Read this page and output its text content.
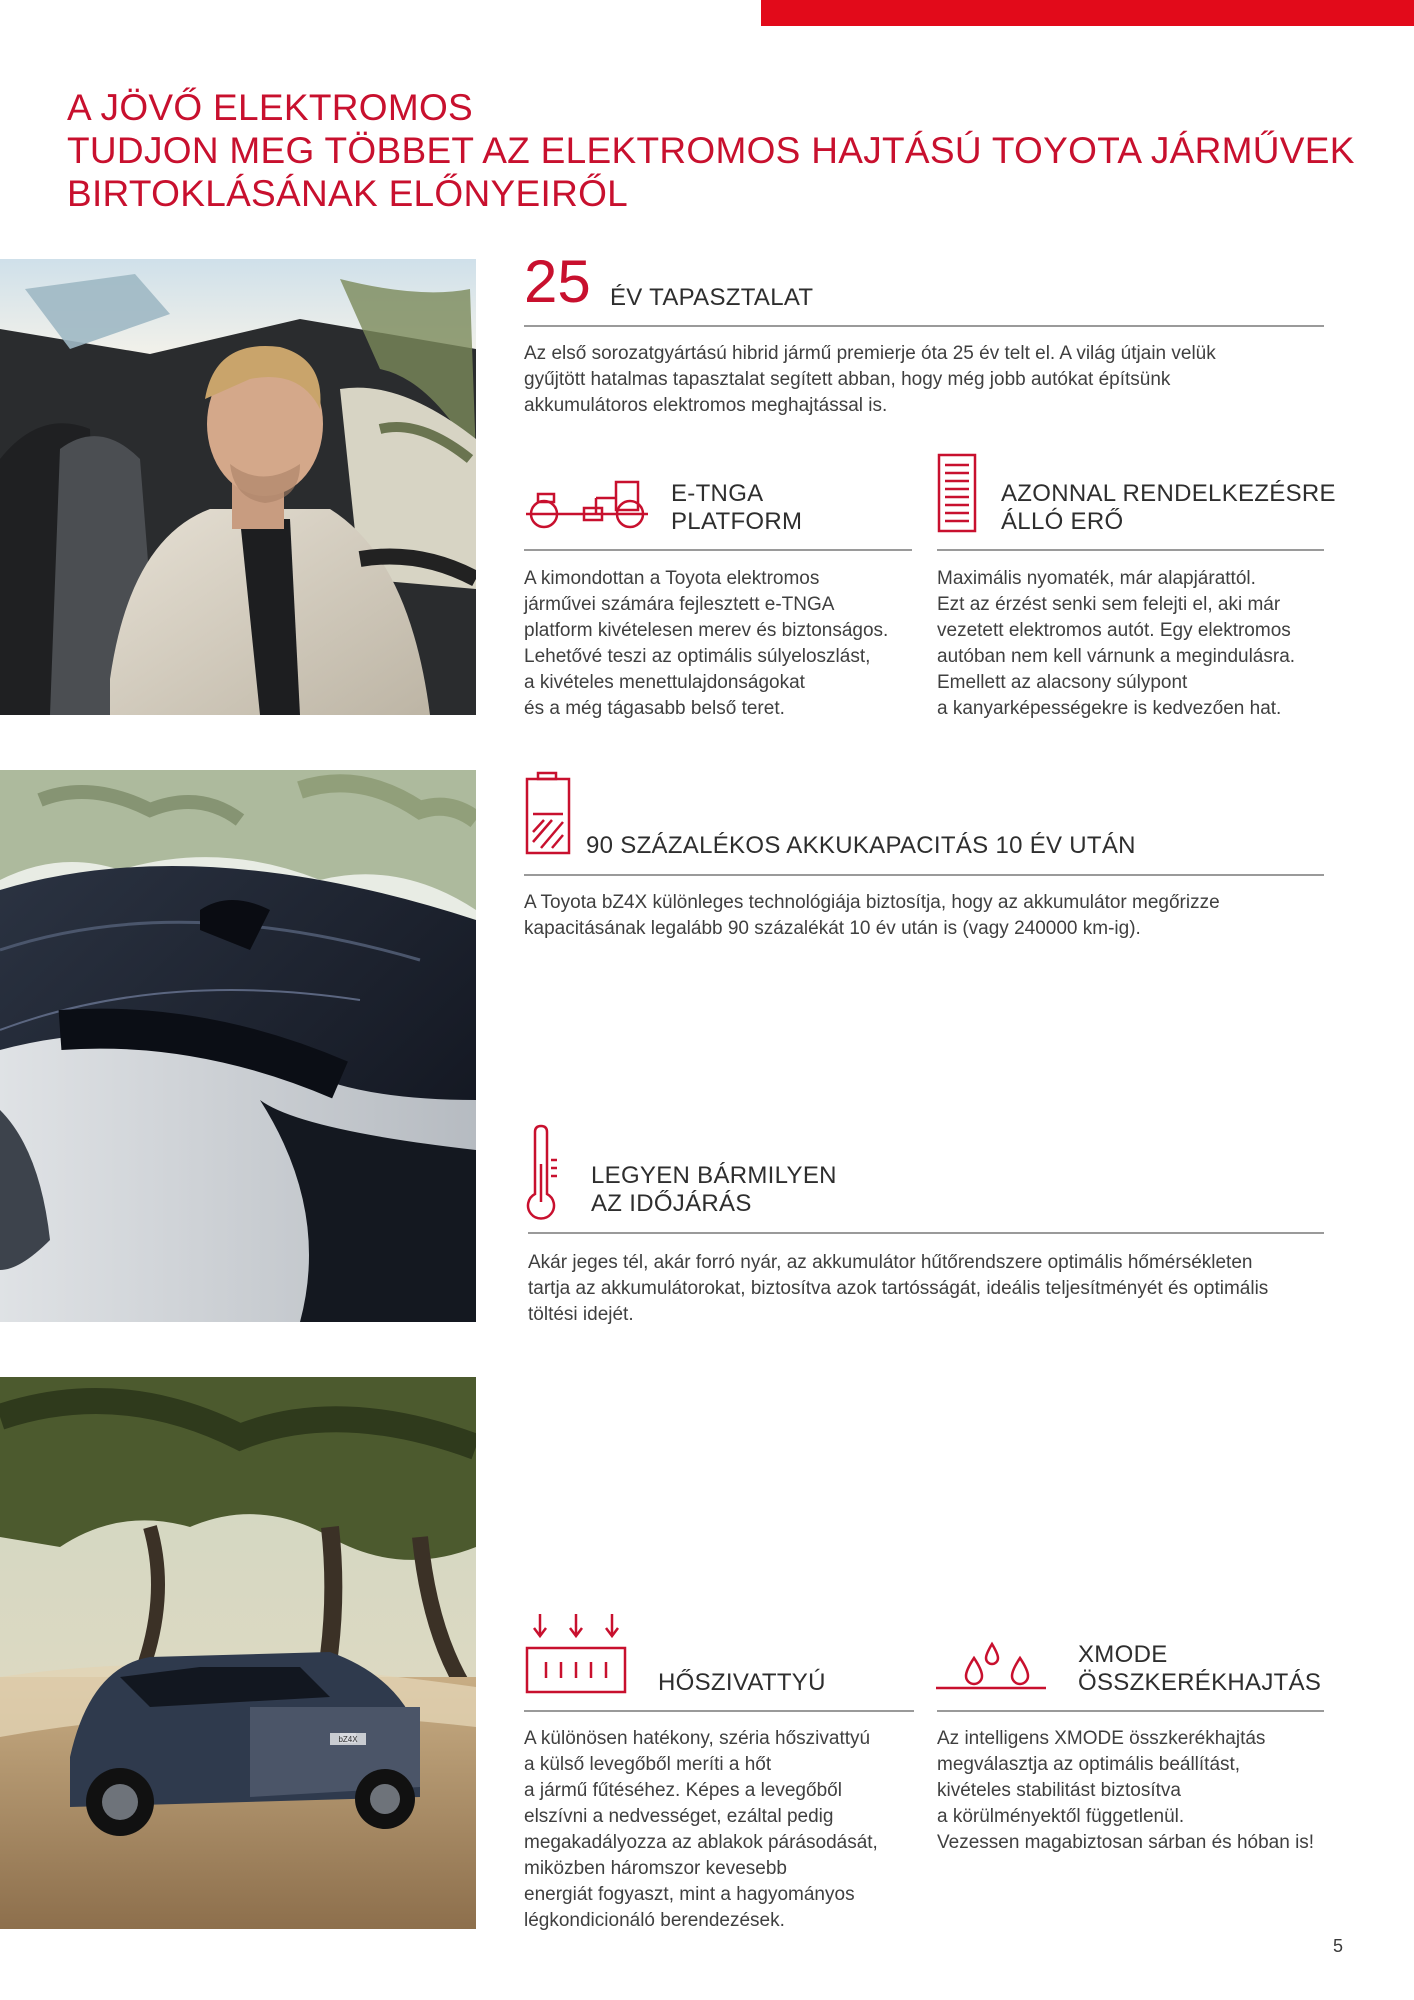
A JÖVŐ ELEKTROMOS
TUDJON MEG TÖBBET AZ ELEKTROMOS HAJTÁSÚ TOYOTA JÁRMŰVEK
BIRTOKLÁSÁNAK ELŐNYEIRŐL
25 ÉV TAPASZTALAT

Az első sorozatgyártású hibrid jármű premierje óta 25 év telt el. A világ útjain velük
gyűjtött hatalmas tapasztalat segített abban, hogy még jobb autókat építsünk
akkumulátoros elektromos meghajtással is.

E-TNGA
PLATFORM

A kimondottan a Toyota elektromos
járművei számára fejlesztett e-TNGA
platform kivételesen merev és biztonságos.
Lehetővé teszi az optimális súlyeloszlást,
a kivételes menettulajdonságokat
és a még tágasabb belső teret.

AZONNAL RENDELKEZÉSRE
ÁLLÓ ERŐ

Maximális nyomaték, már alapjárattól.
Ezt az érzést senki sem felejti el, aki már
vezetett elektromos autót. Egy elektromos
autóban nem kell várnunk a megindulásra.
Emellett az alacsony súlypont
a kanyarképességekre is kedvezően hat.

90 SZÁZALÉKOS AKKUKAPACITÁS 10 ÉV UTÁN

A Toyota bZ4X különleges technológiája biztosítja, hogy az akkumulátor megőrizze
kapacitásának legalább 90 százalékát 10 év után is (vagy 240000 km-ig).

LEGYEN BÁRMILYEN
AZ IDŐJÁRÁS

Akár jeges tél, akár forró nyár, az akkumulátor hűtőrendszere optimális hőmérsékleten
tartja az akkumulátorokat, biztosítva azok tartósságát, ideális teljesítményét és optimális
töltési idejét.

bZ4X
HŐSZIVATTYÚ

A különösen hatékony, széria hőszivattyú
a külső levegőből meríti a hőt
a jármű fűtéséhez. Képes a levegőből
elszívni a nedvességet, ezáltal pedig
megakadályozza az ablakok párásodását,
miközben háromszor kevesebb
energiát fogyaszt, mint a hagyományos
légkondicionáló berendezések.

XMODE
ÖSSZKERÉKHAJTÁS

Az intelligens XMODE összkerékhajtás
megválasztja az optimális beállítást,
kivételes stabilitást biztosítva
a körülményektől függetlenül.
Vezessen magabiztosan sárban és hóban is!

5
